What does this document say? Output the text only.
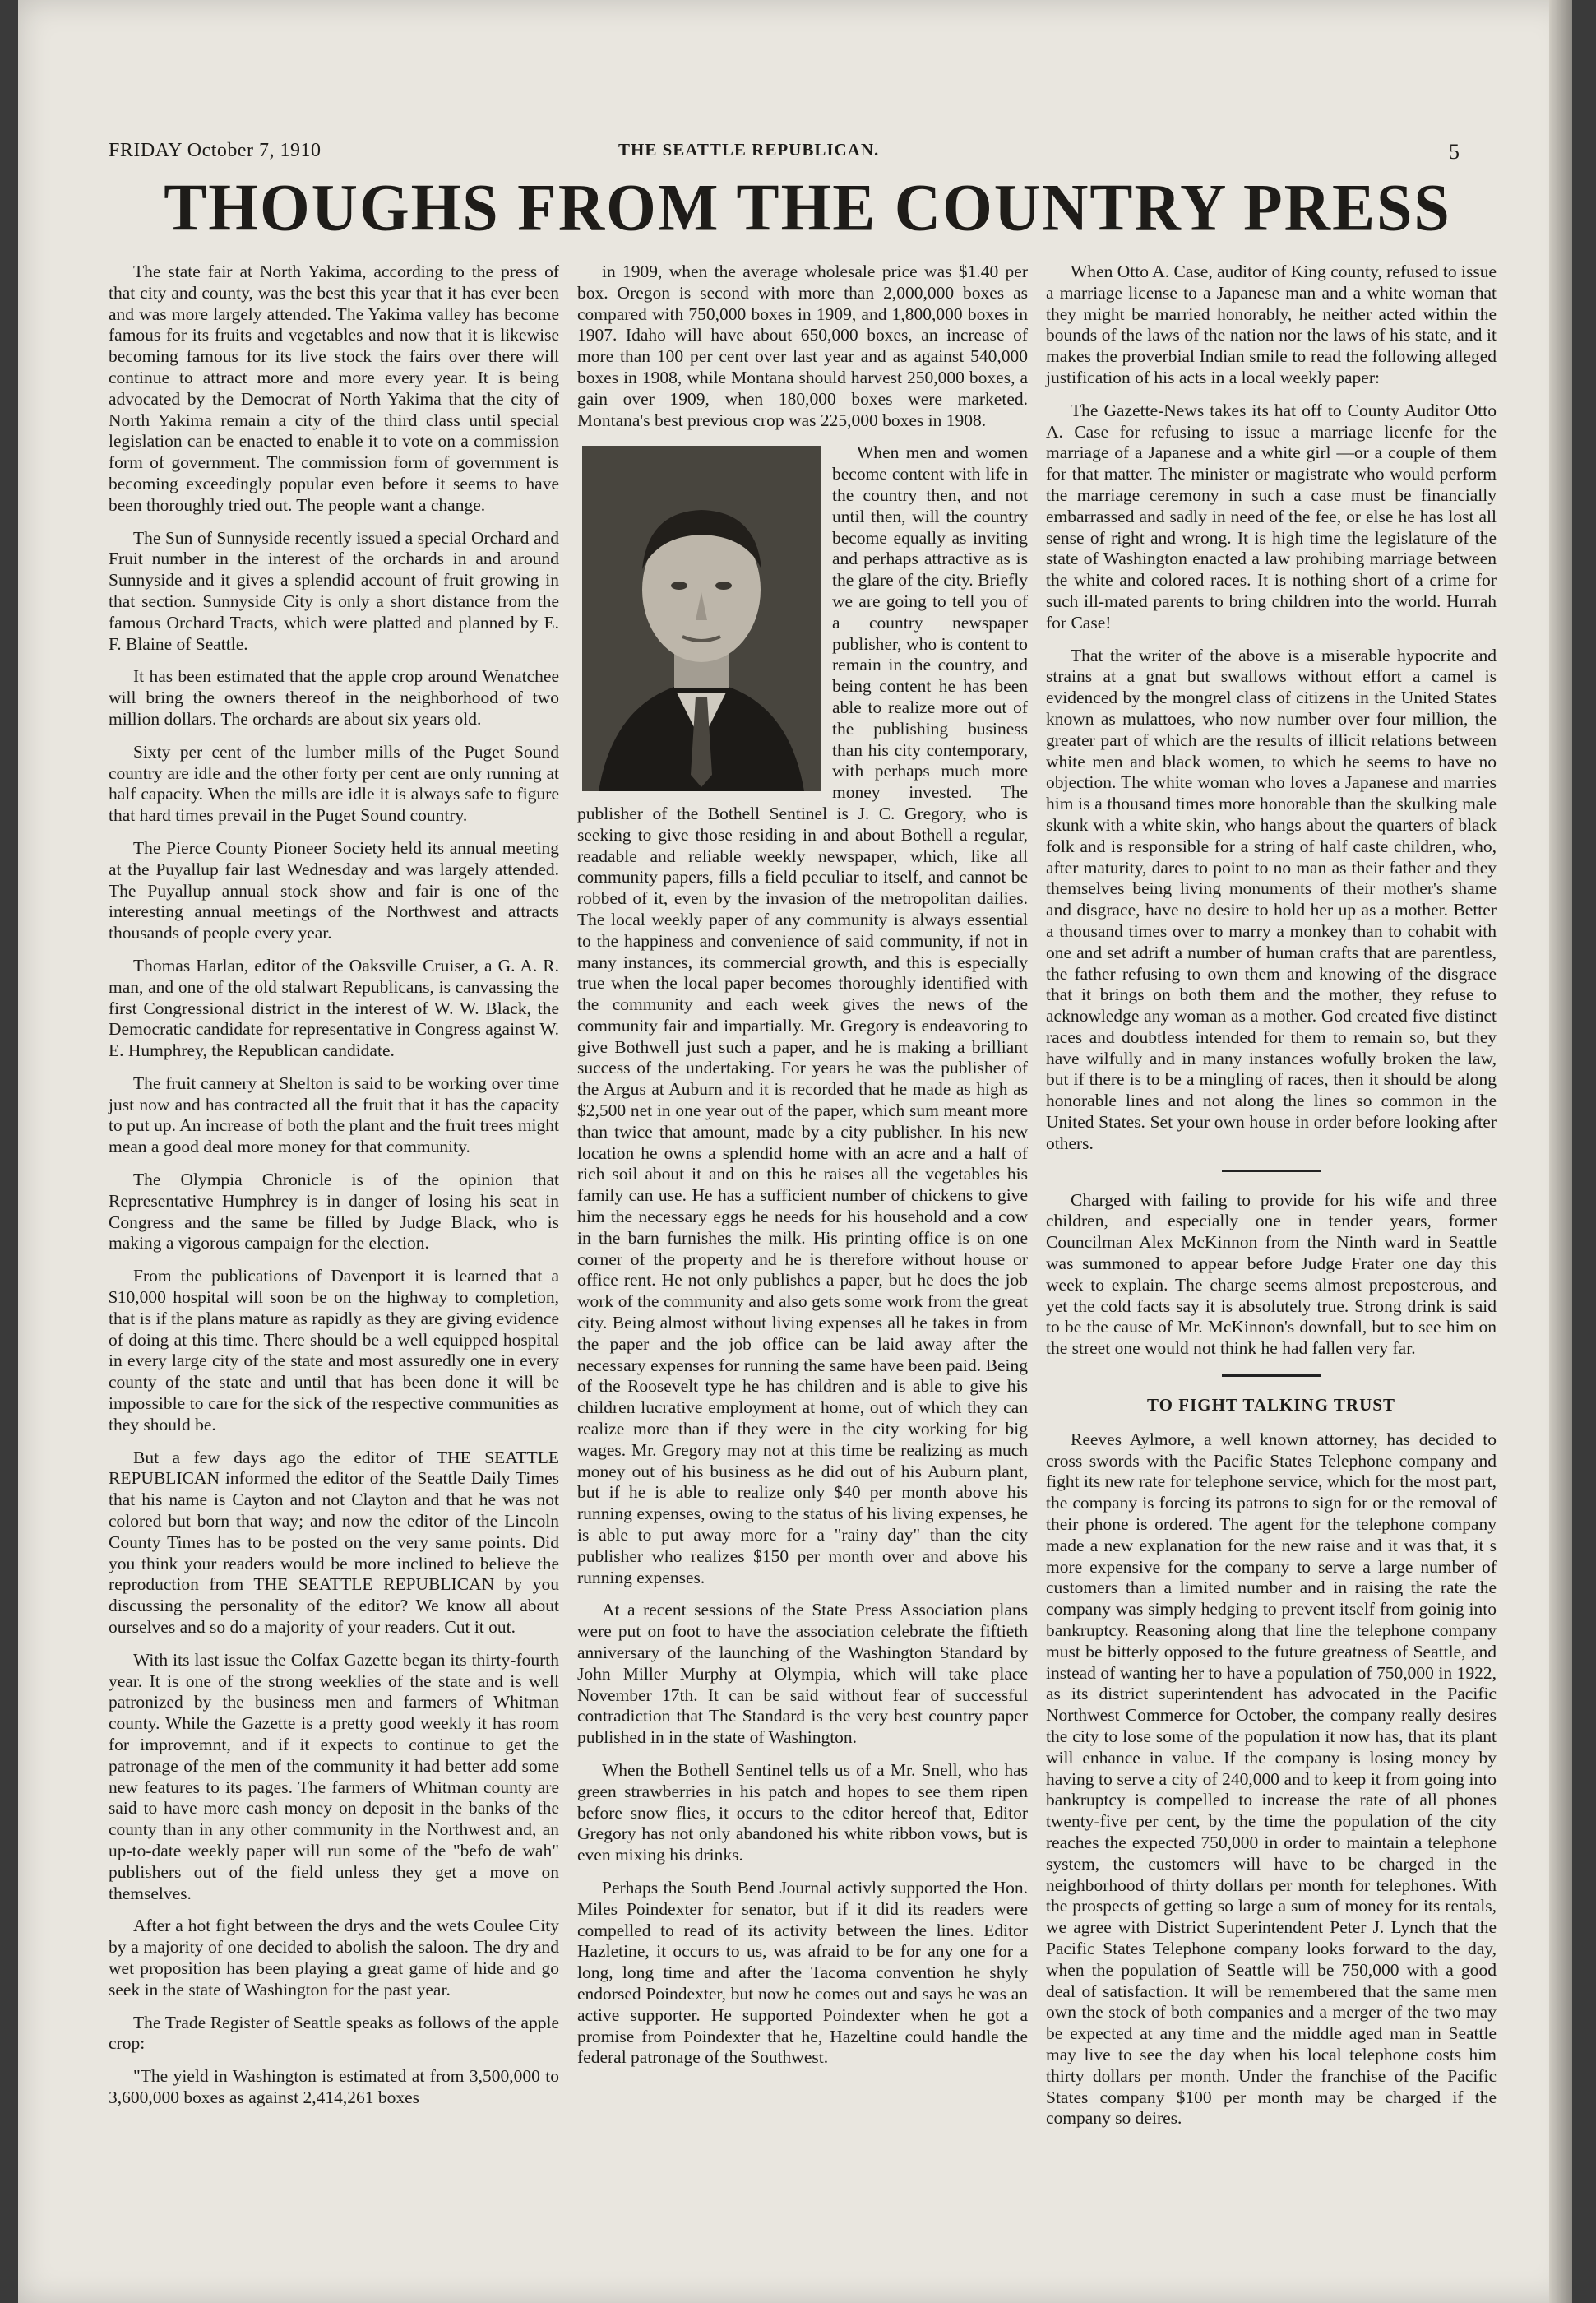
FRIDAY October 7, 1910	THE SEATTLE REPUBLICAN.	5
THOUGHS FROM THE COUNTRY PRESS

The state fair at North Yakima, according to the press of that city and county, was the best this year that it has ever been and was more largely attended. The Yakima valley has become famous for its fruits and vegetables and now that it is likewise becoming famous for its live stock the fairs over there will continue to attract more and more every year. It is being advocated by the Democrat of North Yakima that the city of North Yakima remain a city of the third class until special legislation can be enacted to enable it to vote on a commission form of government. The commission form of government is becoming exceedingly popular even before it seems to have been thoroughly tried out. The people want a change.

The Sun of Sunnyside recently issued a special Orchard and Fruit number in the interest of the orchards in and around Sunnyside and it gives a splendid account of fruit growing in that section. Sunnyside City is only a short distance from the famous Orchard Tracts, which were platted and planned by E. F. Blaine of Seattle.

It has been estimated that the apple crop around Wenatchee will bring the owners thereof in the neighborhood of two million dollars. The orchards are about six years old.

Sixty per cent of the lumber mills of the Puget Sound country are idle and the other forty per cent are only running at half capacity. When the mills are idle it is always safe to figure that hard times prevail in the Puget Sound country.

The Pierce County Pioneer Society held its annual meeting at the Puyallup fair last Wednesday and was largely attended. The Puyallup annual stock show and fair is one of the interesting annual meetings of the Northwest and attracts thousands of people every year.

Thomas Harlan, editor of the Oaksville Cruiser, a G. A. R. man, and one of the old stalwart Republicans, is canvassing the first Congressional district in the interest of W. W. Black, the Democratic candidate for representative in Congress against W. E. Humphrey, the Republican candidate.

The fruit cannery at Shelton is said to be working over time just now and has contracted all the fruit that it has the capacity to put up. An increase of both the plant and the fruit trees might mean a good deal more money for that community.

The Olympia Chronicle is of the opinion that Representative Humphrey is in danger of losing his seat in Congress and the same be filled by Judge Black, who is making a vigorous campaign for the election.

From the publications of Davenport it is learned that a $10,000 hospital will soon be on the highway to completion, that is if the plans mature as rapidly as they are giving evidence of doing at this time. There should be a well equipped hospital in every large city of the state and most assuredly one in every county of the state and until that has been done it will be impossible to care for the sick of the respective communities as they should be.

But a few days ago the editor of THE SEATTLE REPUBLICAN informed the editor of the Seattle Daily Times that his name is Cayton and not Clayton and that he was not colored but born that way; and now the editor of the Lincoln County Times has to be posted on the very same points. Did you think your readers would be more inclined to believe the reproduction from THE SEATTLE REPUBLICAN by you discussing the personality of the editor? We know all about ourselves and so do a majority of your readers. Cut it out.

With its last issue the Colfax Gazette began its thirty-fourth year. It is one of the strong weeklies of the state and is well patronized by the business men and farmers of Whitman county. While the Gazette is a pretty good weekly it has room for improvemnt, and if it expects to continue to get the patronage of the men of the community it had better add some new features to its pages. The farmers of Whitman county are said to have more cash money on deposit in the banks of the county than in any other community in the Northwest and, an up-to-date weekly paper will run some of the "befo de wah" publishers out of the field unless they get a move on themselves.

After a hot fight between the drys and the wets Coulee City by a majority of one decided to abolish the saloon. The dry and wet proposition has been playing a great game of hide and go seek in the state of Washington for the past year.

The Trade Register of Seattle speaks as follows of the apple crop:

"The yield in Washington is estimated at from 3,500,000 to 3,600,000 boxes as against 2,414,261 boxes

in 1909, when the average wholesale price was $1.40 per box. Oregon is second with more than 2,000,000 boxes as compared with 750,000 boxes in 1909, and 1,800,000 boxes in 1907. Idaho will have about 650,000 boxes, an increase of more than 100 per cent over last year and as against 540,000 boxes in 1908, while Montana should harvest 250,000 boxes, a gain over 1909, when 180,000 boxes were marketed. Montana's best previous crop was 225,000 boxes in 1908.

When men and women become content with life in the country then, and not until then, will the country become equally as inviting and perhaps attractive as is the glare of the city. Briefly we are going to tell you of a country newspaper publisher, who is content to remain in the country, and being content he has been able to realize more out of the publishing business than his city contemporary, with perhaps much more money invested. The publisher of the Bothell Sentinel is J. C. Gregory, who is seeking to give those residing in and about Bothell a regular, readable and reliable weekly newspaper, which, like all community papers, fills a field peculiar to itself, and cannot be robbed of it, even by the invasion of the metropolitan dailies. The local weekly paper of any community is always essential to the happiness and convenience of said community, if not in many instances, its commercial growth, and this is especially true when the local paper becomes thoroughly identified with the community and each week gives the news of the community fair and impartially. Mr. Gregory is endeavoring to give Bothwell just such a paper, and he is making a brilliant success of the undertaking. For years he was the publisher of the Argus at Auburn and it is recorded that he made as high as $2,500 net in one year out of the paper, which sum meant more than twice that amount, made by a city publisher. In his new location he owns a splendid home with an acre and a half of rich soil about it and on this he raises all the vegetables his family can use. He has a sufficient number of chickens to give him the necessary eggs he needs for his household and a cow in the barn furnishes the milk. His printing office is on one corner of the property and he is therefore without house or office rent. He not only publishes a paper, but he does the job work of the community and also gets some work from the great city. Being almost without living expenses all he takes in from the paper and the job office can be laid away after the necessary expenses for running the same have been paid. Being of the Roosevelt type he has children and is able to give his children lucrative employment at home, out of which they can realize more than if they were in the city working for big wages. Mr. Gregory may not at this time be realizing as much money out of his business as he did out of his Auburn plant, but if he is able to realize only $40 per month above his running expenses, owing to the status of his living expenses, he is able to put away more for a "rainy day" than the city publisher who realizes $150 per month over and above his running expenses.

At a recent sessions of the State Press Association plans were put on foot to have the association celebrate the fiftieth anniversary of the launching of the Washington Standard by John Miller Murphy at Olympia, which will take place November 17th. It can be said without fear of successful contradiction that The Standard is the very best country paper published in in the state of Washington.

When the Bothell Sentinel tells us of a Mr. Snell, who has green strawberries in his patch and hopes to see them ripen before snow flies, it occurs to the editor hereof that, Editor Gregory has not only abandoned his white ribbon vows, but is even mixing his drinks.

Perhaps the South Bend Journal activly supported the Hon. Miles Poindexter for senator, but if it did its readers were compelled to read of its activity between the lines. Editor Hazletine, it occurs to us, was afraid to be for any one for a long, long time and after the Tacoma convention he shyly endorsed Poindexter, but now he comes out and says he was an active supporter. He supported Poindexter when he got a promise from Poindexter that he, Hazeltine could handle the federal patronage of the Southwest.

When Otto A. Case, auditor of King county, refused to issue a marriage license to a Japanese man and a white woman that they might be married honorably, he neither acted within the bounds of the laws of the nation nor the laws of his state, and it makes the proverbial Indian smile to read the following alleged justification of his acts in a local weekly paper:

The Gazette-News takes its hat off to County Auditor Otto A. Case for refusing to issue a marriage licenfe for the marriage of a Japanese and a white girl —or a couple of them for that matter. The minister or magistrate who would perform the marriage ceremony in such a case must be financially embarrassed and sadly in need of the fee, or else he has lost all sense of right and wrong. It is high time the legislature of the state of Washington enacted a law prohibing marriage between the white and colored races. It is nothing short of a crime for such ill-mated parents to bring children into the world. Hurrah for Case!

That the writer of the above is a miserable hypocrite and strains at a gnat but swallows without effort a camel is evidenced by the mongrel class of citizens in the United States known as mulattoes, who now number over four million, the greater part of which are the results of illicit relations between white men and black women, to which he seems to have no objection. The white woman who loves a Japanese and marries him is a thousand times more honorable than the skulking male skunk with a white skin, who hangs about the quarters of black folk and is responsible for a string of half caste children, who, after maturity, dares to point to no man as their father and they themselves being living monuments of their mother's shame and disgrace, have no desire to hold her up as a mother. Better a thousand times over to marry a monkey than to cohabit with one and set adrift a number of human crafts that are parentless, the father refusing to own them and knowing of the disgrace that it brings on both them and the mother, they refuse to acknowledge any woman as a mother. God created five distinct races and doubtless intended for them to remain so, but they have wilfully and in many instances wofully broken the law, but if there is to be a mingling of races, then it should be along honorable lines and not along the lines so common in the United States. Set your own house in order before looking after others.

Charged with failing to provide for his wife and three children, and especially one in tender years, former Councilman Alex McKinnon from the Ninth ward in Seattle was summoned to appear before Judge Frater one day this week to explain. The charge seems almost preposterous, and yet the cold facts say it is absolutely true. Strong drink is said to be the cause of Mr. McKinnon's downfall, but to see him on the street one would not think he had fallen very far.

TO FIGHT TALKING TRUST

Reeves Aylmore, a well known attorney, has decided to cross swords with the Pacific States Telephone company and fight its new rate for telephone service, which for the most part, the company is forcing its patrons to sign for or the removal of their phone is ordered. The agent for the telephone company made a new explanation for the new raise and it was that, it s more expensive for the company to serve a large number of customers than a limited number and in raising the rate the company was simply hedging to prevent itself from goinig into bankruptcy. Reasoning along that line the telephone company must be bitterly opposed to the future greatness of Seattle, and instead of wanting her to have a population of 750,000 in 1922, as its district superintendent has advocated in the Pacific Northwest Commerce for October, the company really desires the city to lose some of the population it now has, that its plant will enhance in value. If the company is losing money by having to serve a city of 240,000 and to keep it from going into bankruptcy is compelled to increase the rate of all phones twenty-five per cent, by the time the population of the city reaches the expected 750,000 in order to maintain a telephone system, the customers will have to be charged in the neighborhood of thirty dollars per month for telephones. With the prospects of getting so large a sum of money for its rentals, we agree with District Superintendent Peter J. Lynch that the Pacific States Telephone company looks forward to the day, when the population of Seattle will be 750,000 with a good deal of satisfaction. It will be remembered that the same men own the stock of both companies and a merger of the two may be expected at any time and the middle aged man in Seattle may live to see the day when his local telephone costs him thirty dollars per month. Under the franchise of the Pacific States company $100 per month may be charged if the company so deires.
